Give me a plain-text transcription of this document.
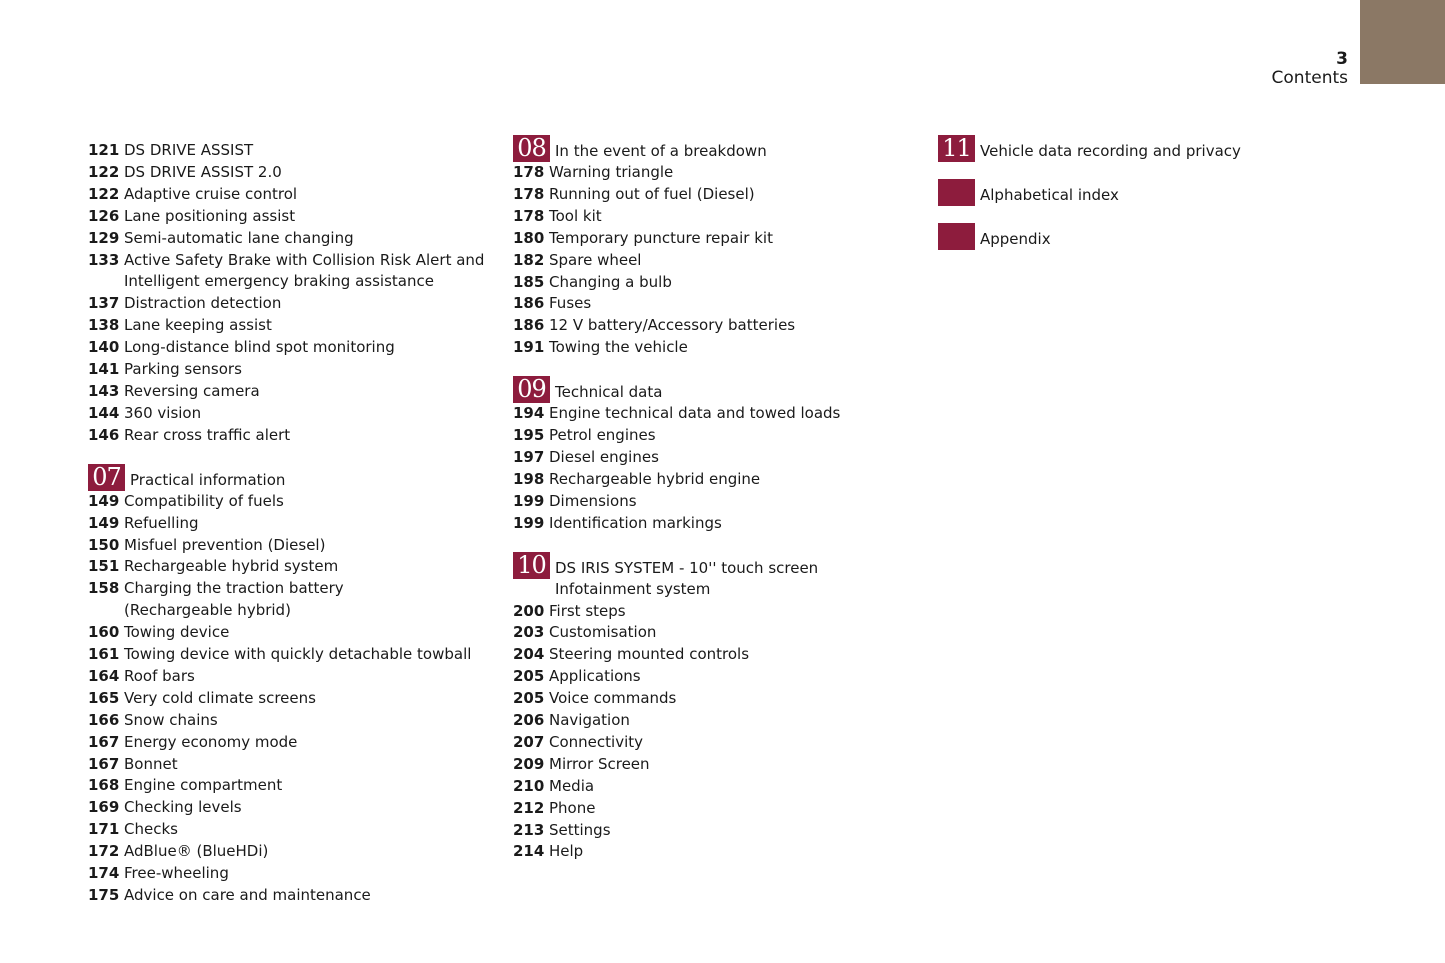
3
Contents
121 DS DRIVE ASSIST
122 DS DRIVE ASSIST 2.0
122 Adaptive cruise control
126 Lane positioning assist
129 Semi-automatic lane changing
133 Active Safety Brake with Collision Risk Alert and
Intelligent emergency braking assistance
137 Distraction detection
138 Lane keeping assist
140 Long-distance blind spot monitoring
141 Parking sensors
143 Reversing camera
144 360 vision
146 Rear cross traffic alert
07 Practical information
149 Compatibility of fuels
149 Refuelling
150 Misfuel prevention (Diesel)
151 Rechargeable hybrid system
158 Charging the traction battery
(Rechargeable hybrid)
160 Towing device
161 Towing device with quickly detachable towball
164 Roof bars
165 Very cold climate screens
166 Snow chains
167 Energy economy mode
167 Bonnet
168 Engine compartment
169 Checking levels
171 Checks
172 AdBlue® (BlueHDi)
174 Free-wheeling
175 Advice on care and maintenance
08 In the event of a breakdown
178 Warning triangle
178 Running out of fuel (Diesel)
178 Tool kit
180 Temporary puncture repair kit
182 Spare wheel
185 Changing a bulb
186 Fuses
186 12 V battery/Accessory batteries
191 Towing the vehicle
09 Technical data
194 Engine technical data and towed loads
195 Petrol engines
197 Diesel engines
198 Rechargeable hybrid engine
199 Dimensions
199 Identification markings
10 DS IRIS SYSTEM - 10'' touch screen
Infotainment system
200 First steps
203 Customisation
204 Steering mounted controls
205 Applications
205 Voice commands
206 Navigation
207 Connectivity
209 Mirror Screen
210 Media
212 Phone
213 Settings
214 Help
11 Vehicle data recording and privacy
Alphabetical index
Appendix
